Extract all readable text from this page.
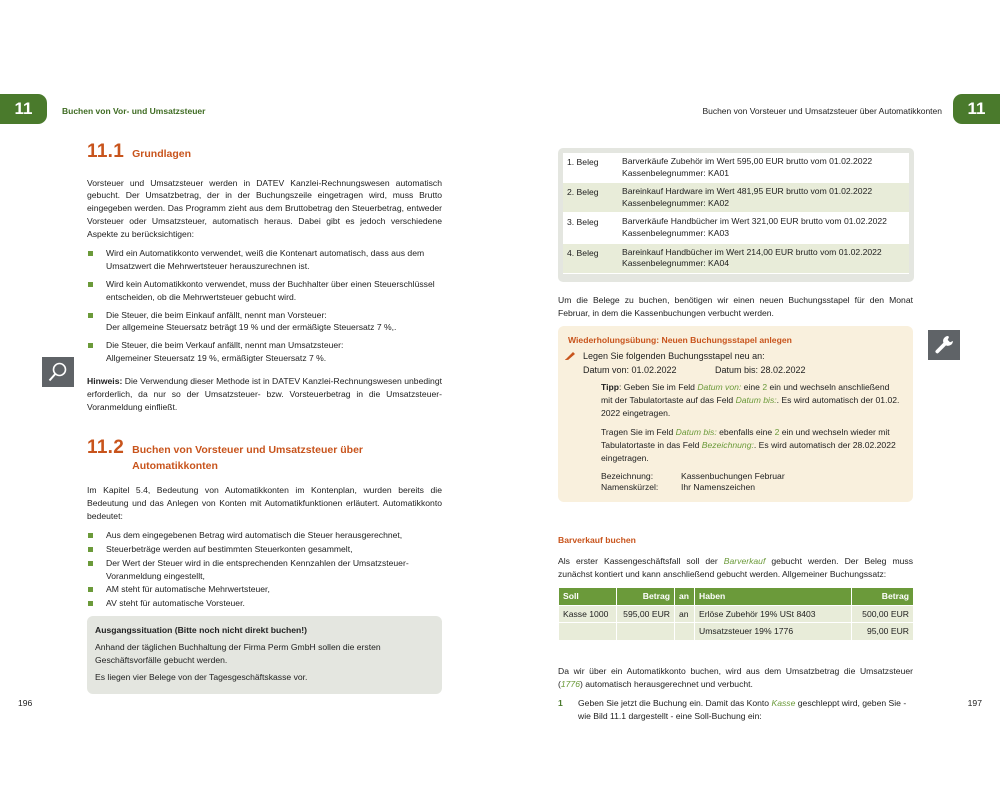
11	Buchen von Vor- und Umsatzsteuer	Buchen von Vorsteuer und Umsatzsteuer über Automatikkonten	11
11.1 Grundlagen

Vorsteuer und Umsatzsteuer werden in DATEV Kanzlei-Rechnungswesen automatisch gebucht. Der Umsatzbetrag, der in der Buchungszeile eingetragen wird, muss Brutto eingegeben werden. Das Programm zieht aus dem Bruttobetrag den Steuerbetrag, entweder Vorsteuer oder Umsatzsteuer, automatisch heraus. Dabei gibt es jedoch verschiedene Aspekte zu berücksichtigen:

Wird ein Automatikkonto verwendet, weiß die Kontenart automatisch, dass aus dem Umsatzwert die Mehrwertsteuer herauszurechnen ist.
Wird kein Automatikkonto verwendet, muss der Buchhalter über einen Steuerschlüssel entscheiden, ob die Mehrwertsteuer gebucht wird.
Die Steuer, die beim Einkauf anfällt, nennt man Vorsteuer:
Der allgemeine Steuersatz beträgt 19 % und der ermäßigte Steuersatz 7 %,.
Die Steuer, die beim Verkauf anfällt, nennt man Umsatzsteuer:
Allgemeiner Steuersatz 19 %, ermäßigter Steuersatz 7 %.

Hinweis: Die Verwendung dieser Methode ist in DATEV Kanzlei-Rechnungswesen unbedingt erforderlich, da nur so der Umsatzsteuer- bzw. Vorsteuerbetrag in die Umsatzsteuer-Voranmeldung einfließt.

11.2 Buchen von Vorsteuer und Umsatzsteuer über Automatikkonten

Im Kapitel 5.4, Bedeutung von Automatikkonten im Kontenplan, wurden bereits die Bedeutung und das Anlegen von Konten mit Automatikfunktionen erläutert. Automatikkonto bedeutet:

Aus dem eingegebenen Betrag wird automatisch die Steuer herausgerechnet,
Steuerbeträge werden auf bestimmten Steuerkonten gesammelt,
Der Wert der Steuer wird in die entsprechenden Kennzahlen der Umsatzsteuer- Voranmeldung eingestellt,
AM steht für automatische Mehrwertsteuer,
AV steht für automatische Vorsteuer.

Ausgangssituation (Bitte noch nicht direkt buchen!)

Anhand der täglichen Buchhaltung der Firma Perm GmbH sollen die ersten Geschäftsvorfälle gebucht werden.

Es liegen vier Belege von der Tagesgeschäftskasse vor.

1. Beleg	Barverkäufe Zubehör im Wert 595,00 EUR brutto vom 01.02.2022
Kassenbelegnummer: KA01
2. Beleg	Bareinkauf Hardware im Wert 481,95 EUR brutto vom 01.02.2022
Kassenbelegnummer: KA02
3. Beleg	Barverkäufe Handbücher im Wert 321,00 EUR brutto vom 01.02.2022
Kassenbelegnummer: KA03
4. Beleg	Bareinkauf Handbücher im Wert 214,00 EUR brutto vom 01.02.2022
Kassenbelegnummer: KA04

Um die Belege zu buchen, benötigen wir einen neuen Buchungsstapel für den Monat Februar, in dem die Kassenbuchungen verbucht werden.

Wiederholungsübung: Neuen Buchungsstapel anlegen

Legen Sie folgenden Buchungsstapel neu an:

Datum von: 01.02.2022	Datum bis: 28.02.2022

Tipp: Geben Sie im Feld Datum von: eine 2 ein und wechseln anschließend mit der Tabulatortaste auf das Feld Datum bis:. Es wird automatisch der 01.02. 2022 eingetragen.

Tragen Sie im Feld Datum bis: ebenfalls eine 2 ein und wechseln wieder mit Tabulatortaste in das Feld Bezeichnung:. Es wird automatisch der 28.02.2022 eingetragen.

Bezeichnung:	Kassenbuchungen Februar
Namenskürzel:	Ihr Namenszeichen

Barverkauf buchen

Als erster Kassengeschäftsfall soll der Barverkauf gebucht werden. Der Beleg muss zunächst kontiert und kann anschließend gebucht werden. Allgemeiner Buchungssatz:

Soll	Betrag	an	Haben	Betrag
Kasse 1000	595,00 EUR	an	Erlöse Zubehör 19% USt 8403	500,00 EUR
			Umsatzsteuer 19% 1776	95,00 EUR

Da wir über ein Automatikkonto buchen, wird aus dem Umsatzbetrag die Umsatzsteuer (1776) automatisch herausgerechnet und verbucht.

1	Geben Sie jetzt die Buchung ein. Damit das Konto Kasse geschleppt wird, geben Sie - wie Bild 11.1 dargestellt - eine Soll-Buchung ein:
196	197
